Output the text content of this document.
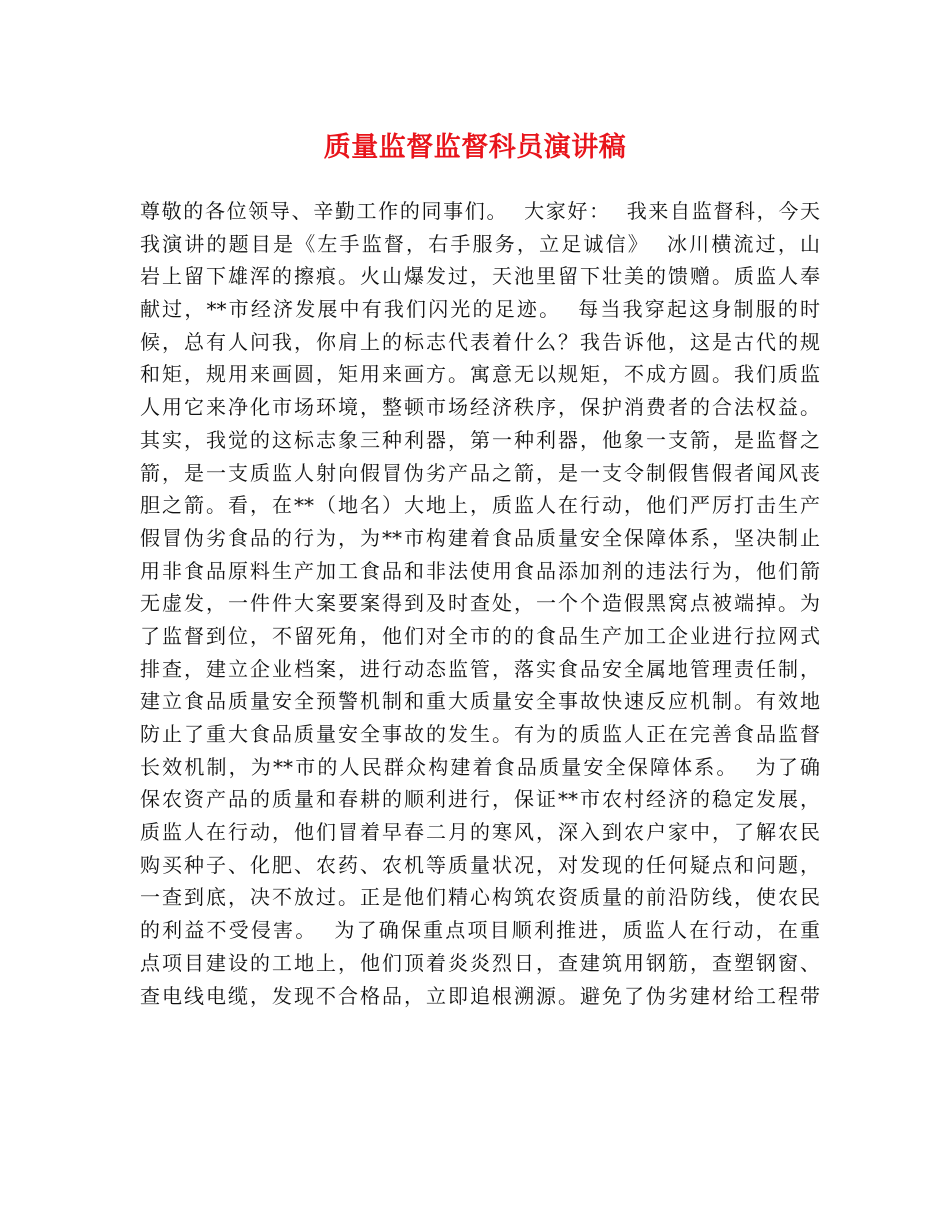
质量监督监督科员演讲稿
尊敬的各位领导、辛勤工作的同事们。  大家好：  我来自监督科，今天
我演讲的题目是《左手监督，右手服务，立足诚信》  冰川横流过，山
岩上留下雄浑的擦痕。火山爆发过，天池里留下壮美的馈赠。质监人奉
献过，**市经济发展中有我们闪光的足迹。  每当我穿起这身制服的时
候，总有人问我，你肩上的标志代表着什么？我告诉他，这是古代的规
和矩，规用来画圆，矩用来画方。寓意无以规矩，不成方圆。我们质监
人用它来净化市场环境，整顿市场经济秩序，保护消费者的合法权益。
其实，我觉的这标志象三种利器，第一种利器，他象一支箭，是监督之
箭，是一支质监人射向假冒伪劣产品之箭，是一支令制假售假者闻风丧
胆之箭。看，在**（地名）大地上，质监人在行动，他们严厉打击生产
假冒伪劣食品的行为，为**市构建着食品质量安全保障体系，坚决制止
用非食品原料生产加工食品和非法使用食品添加剂的违法行为，他们箭
无虚发，一件件大案要案得到及时查处，一个个造假黑窝点被端掉。为
了监督到位，不留死角，他们对全市的的食品生产加工企业进行拉网式
排查，建立企业档案，进行动态监管，落实食品安全属地管理责任制，
建立食品质量安全预警机制和重大质量安全事故快速反应机制。有效地
防止了重大食品质量安全事故的发生。有为的质监人正在完善食品监督
长效机制，为**市的人民群众构建着食品质量安全保障体系。  为了确
保农资产品的质量和春耕的顺利进行，保证**市农村经济的稳定发展，
质监人在行动，他们冒着早春二月的寒风，深入到农户家中，了解农民
购买种子、化肥、农药、农机等质量状况，对发现的任何疑点和问题，
一查到底，决不放过。正是他们精心构筑农资质量的前沿防线，使农民
的利益不受侵害。  为了确保重点项目顺利推进，质监人在行动，在重
点项目建设的工地上，他们顶着炎炎烈日，查建筑用钢筋，查塑钢窗、
查电线电缆，发现不合格品，立即追根溯源。避免了伪劣建材给工程带
